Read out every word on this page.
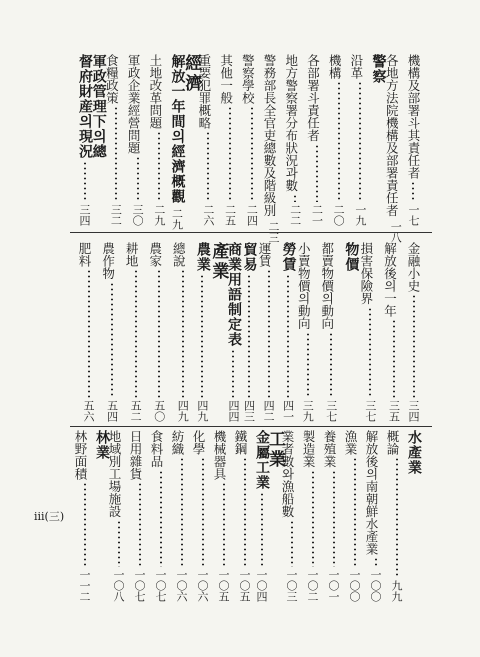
機構及部署斗其責任者
一七
各地方法院機構及部署責任者
一八
警察
沿革
一九
機構
二〇
各部署斗責任者
二一
地方警察署分布狀況과數
二二
警務部長全官吏總數及階級別
二三
警察學校
二四
其他一般
二五
重要犯罪概略
二六
經濟
解放一年間의經濟概觀
二九
土地改革問題
二九
軍政企業經營問題
三〇
食糧政策
三二
軍政管理下의總
督府財産의現況
三四
金融小史
三四
解放後의一年
三五
損害保險界
三七
物價
都賣物價의動向
三七
小賣物價의動向
三九
勞賃
四一
運賃
四二
貿易
四三
商業用語制定表
四四
產業
農業
四九
總說
四九
農家
五〇
耕地
五二
農作物
五四
肥料
五六
水產業
概論
九九
解放後의南朝鮮水產業
一〇〇
漁業
一〇〇
養殖業
一〇一
製造業
一〇二
業者數와漁船數
一〇三
工業
金屬工業
一〇四
鐵鋼
一〇五
機械器具
一〇五
化學
一〇六
紡織
一〇六
食料品
一〇七
日用雜貨
一〇七
地域別工場施設
一〇八
林業
林野面積
一一二
iii(三)
